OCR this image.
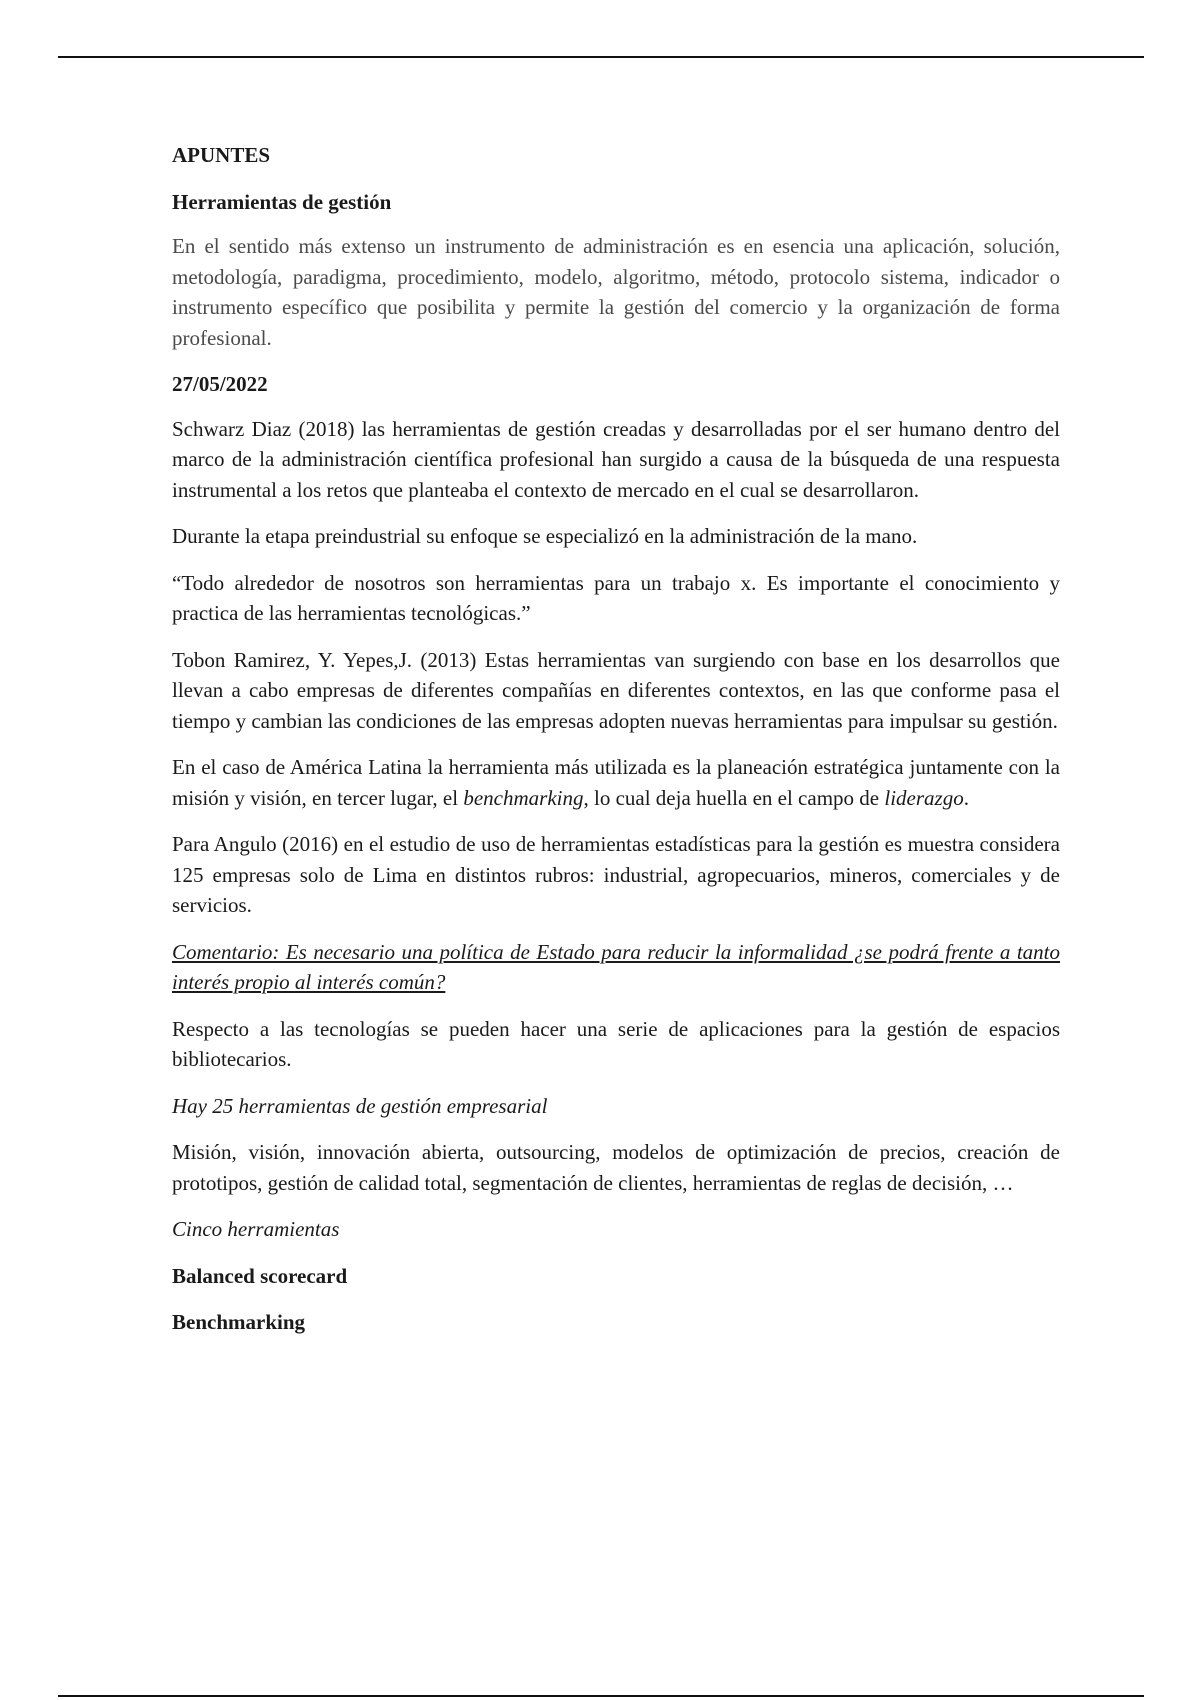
APUNTES

Herramientas de gestión

En el sentido más extenso un instrumento de administración es en esencia una aplicación, solución, metodología, paradigma, procedimiento, modelo, algoritmo, método, protocolo sistema, indicador o instrumento específico que posibilita y permite la gestión del comercio y la organización de forma profesional.

27/05/2022

Schwarz Diaz (2018) las herramientas de gestión creadas y desarrolladas por el ser humano dentro del marco de la administración científica profesional han surgido a causa de la búsqueda de una respuesta instrumental a los retos que planteaba el contexto de mercado en el cual se desarrollaron.

Durante la etapa preindustrial su enfoque se especializó en la administración de la mano.

“Todo alrededor de nosotros son herramientas para un trabajo x. Es importante el conocimiento y practica de las herramientas tecnológicas.”

Tobon Ramirez, Y. Yepes,J. (2013) Estas herramientas van surgiendo con base en los desarrollos que llevan a cabo empresas de diferentes compañías en diferentes contextos, en las que conforme pasa el tiempo y cambian las condiciones de las empresas adopten nuevas herramientas para impulsar su gestión.

En el caso de América Latina la herramienta más utilizada es la planeación estratégica juntamente con la misión y visión, en tercer lugar, el benchmarking, lo cual deja huella en el campo de liderazgo.

Para Angulo (2016) en el estudio de uso de herramientas estadísticas para la gestión es muestra considera 125 empresas solo de Lima en distintos rubros: industrial, agropecuarios, mineros, comerciales y de servicios.

Comentario: Es necesario una política de Estado para reducir la informalidad ¿se podrá frente a tanto interés propio al interés común?

Respecto a las tecnologías se pueden hacer una serie de aplicaciones para la gestión de espacios bibliotecarios.

Hay 25 herramientas de gestión empresarial

Misión, visión, innovación abierta, outsourcing, modelos de optimización de precios, creación de prototipos, gestión de calidad total, segmentación de clientes, herramientas de reglas de decisión, …

Cinco herramientas

Balanced scorecard

Benchmarking
